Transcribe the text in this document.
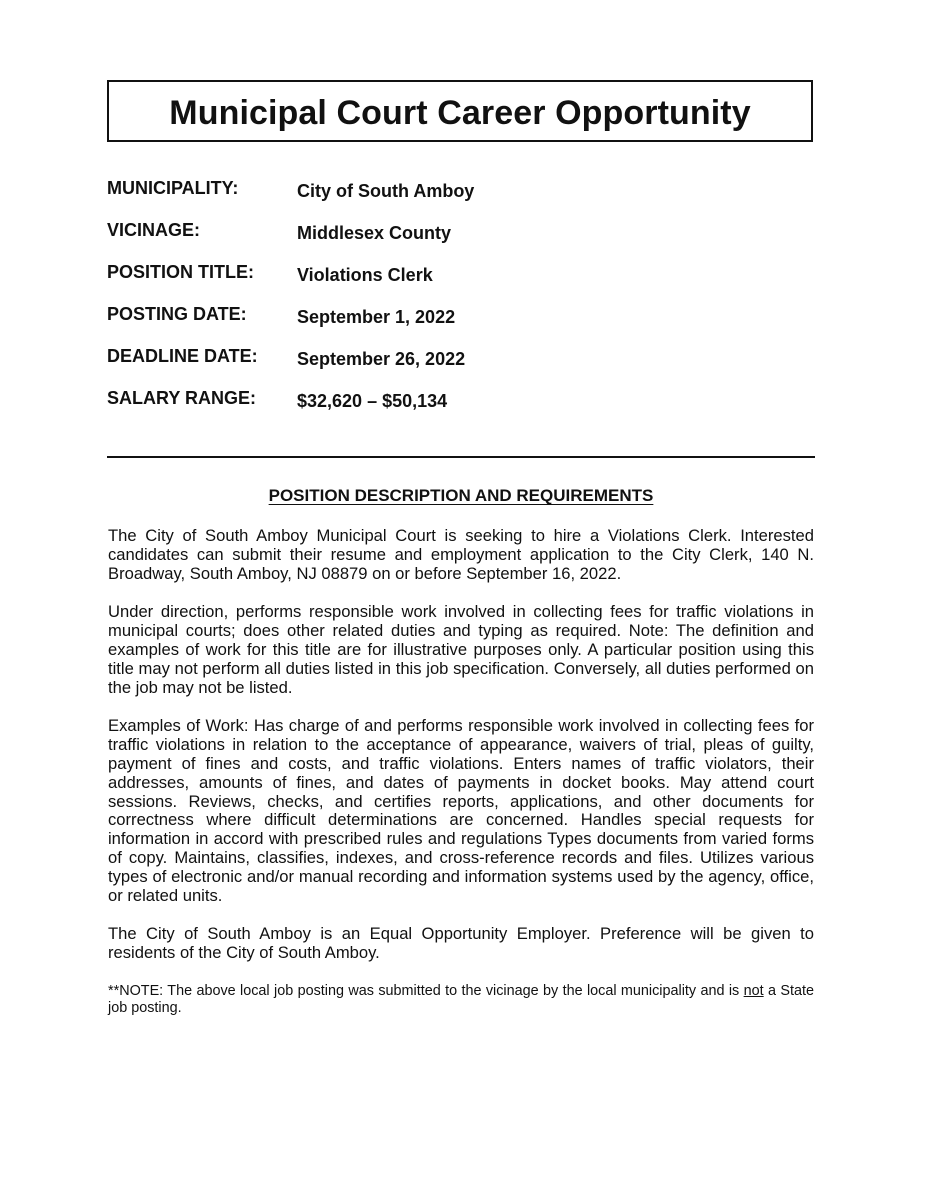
Municipal Court Career Opportunity
MUNICIPALITY:	City of South Amboy
VICINAGE:	Middlesex County
POSITION TITLE: Violations Clerk
POSTING DATE:	September 1, 2022
DEADLINE DATE: September 26, 2022
SALARY RANGE: $32,620 – $50,134
POSITION DESCRIPTION AND REQUIREMENTS

The City of South Amboy Municipal Court is seeking to hire a Violations Clerk. Interested candidates can submit their resume and employment application to the City Clerk, 140 N. Broadway, South Amboy, NJ 08879 on or before September 16, 2022.

Under direction, performs responsible work involved in collecting fees for traffic violations in municipal courts; does other related duties and typing as required. Note: The definition and examples of work for this title are for illustrative purposes only. A particular position using this title may not perform all duties listed in this job specification. Conversely, all duties performed on the job may not be listed.

Examples of Work: Has charge of and performs responsible work involved in collecting fees for traffic violations in relation to the acceptance of appearance, waivers of trial, pleas of guilty, payment of fines and costs, and traffic violations. Enters names of traffic violators, their addresses, amounts of fines, and dates of payments in docket books. May attend court sessions. Reviews, checks, and certifies reports, applications, and other documents for correctness where difficult determinations are concerned. Handles special requests for information in accord with prescribed rules and regulations Types documents from varied forms of copy. Maintains, classifies, indexes, and cross-reference records and files. Utilizes various types of electronic and/or manual recording and information systems used by the agency, office, or related units.

The City of South Amboy is an Equal Opportunity Employer. Preference will be given to residents of the City of South Amboy.

**NOTE: The above local job posting was submitted to the vicinage by the local municipality and is not a State job posting.
